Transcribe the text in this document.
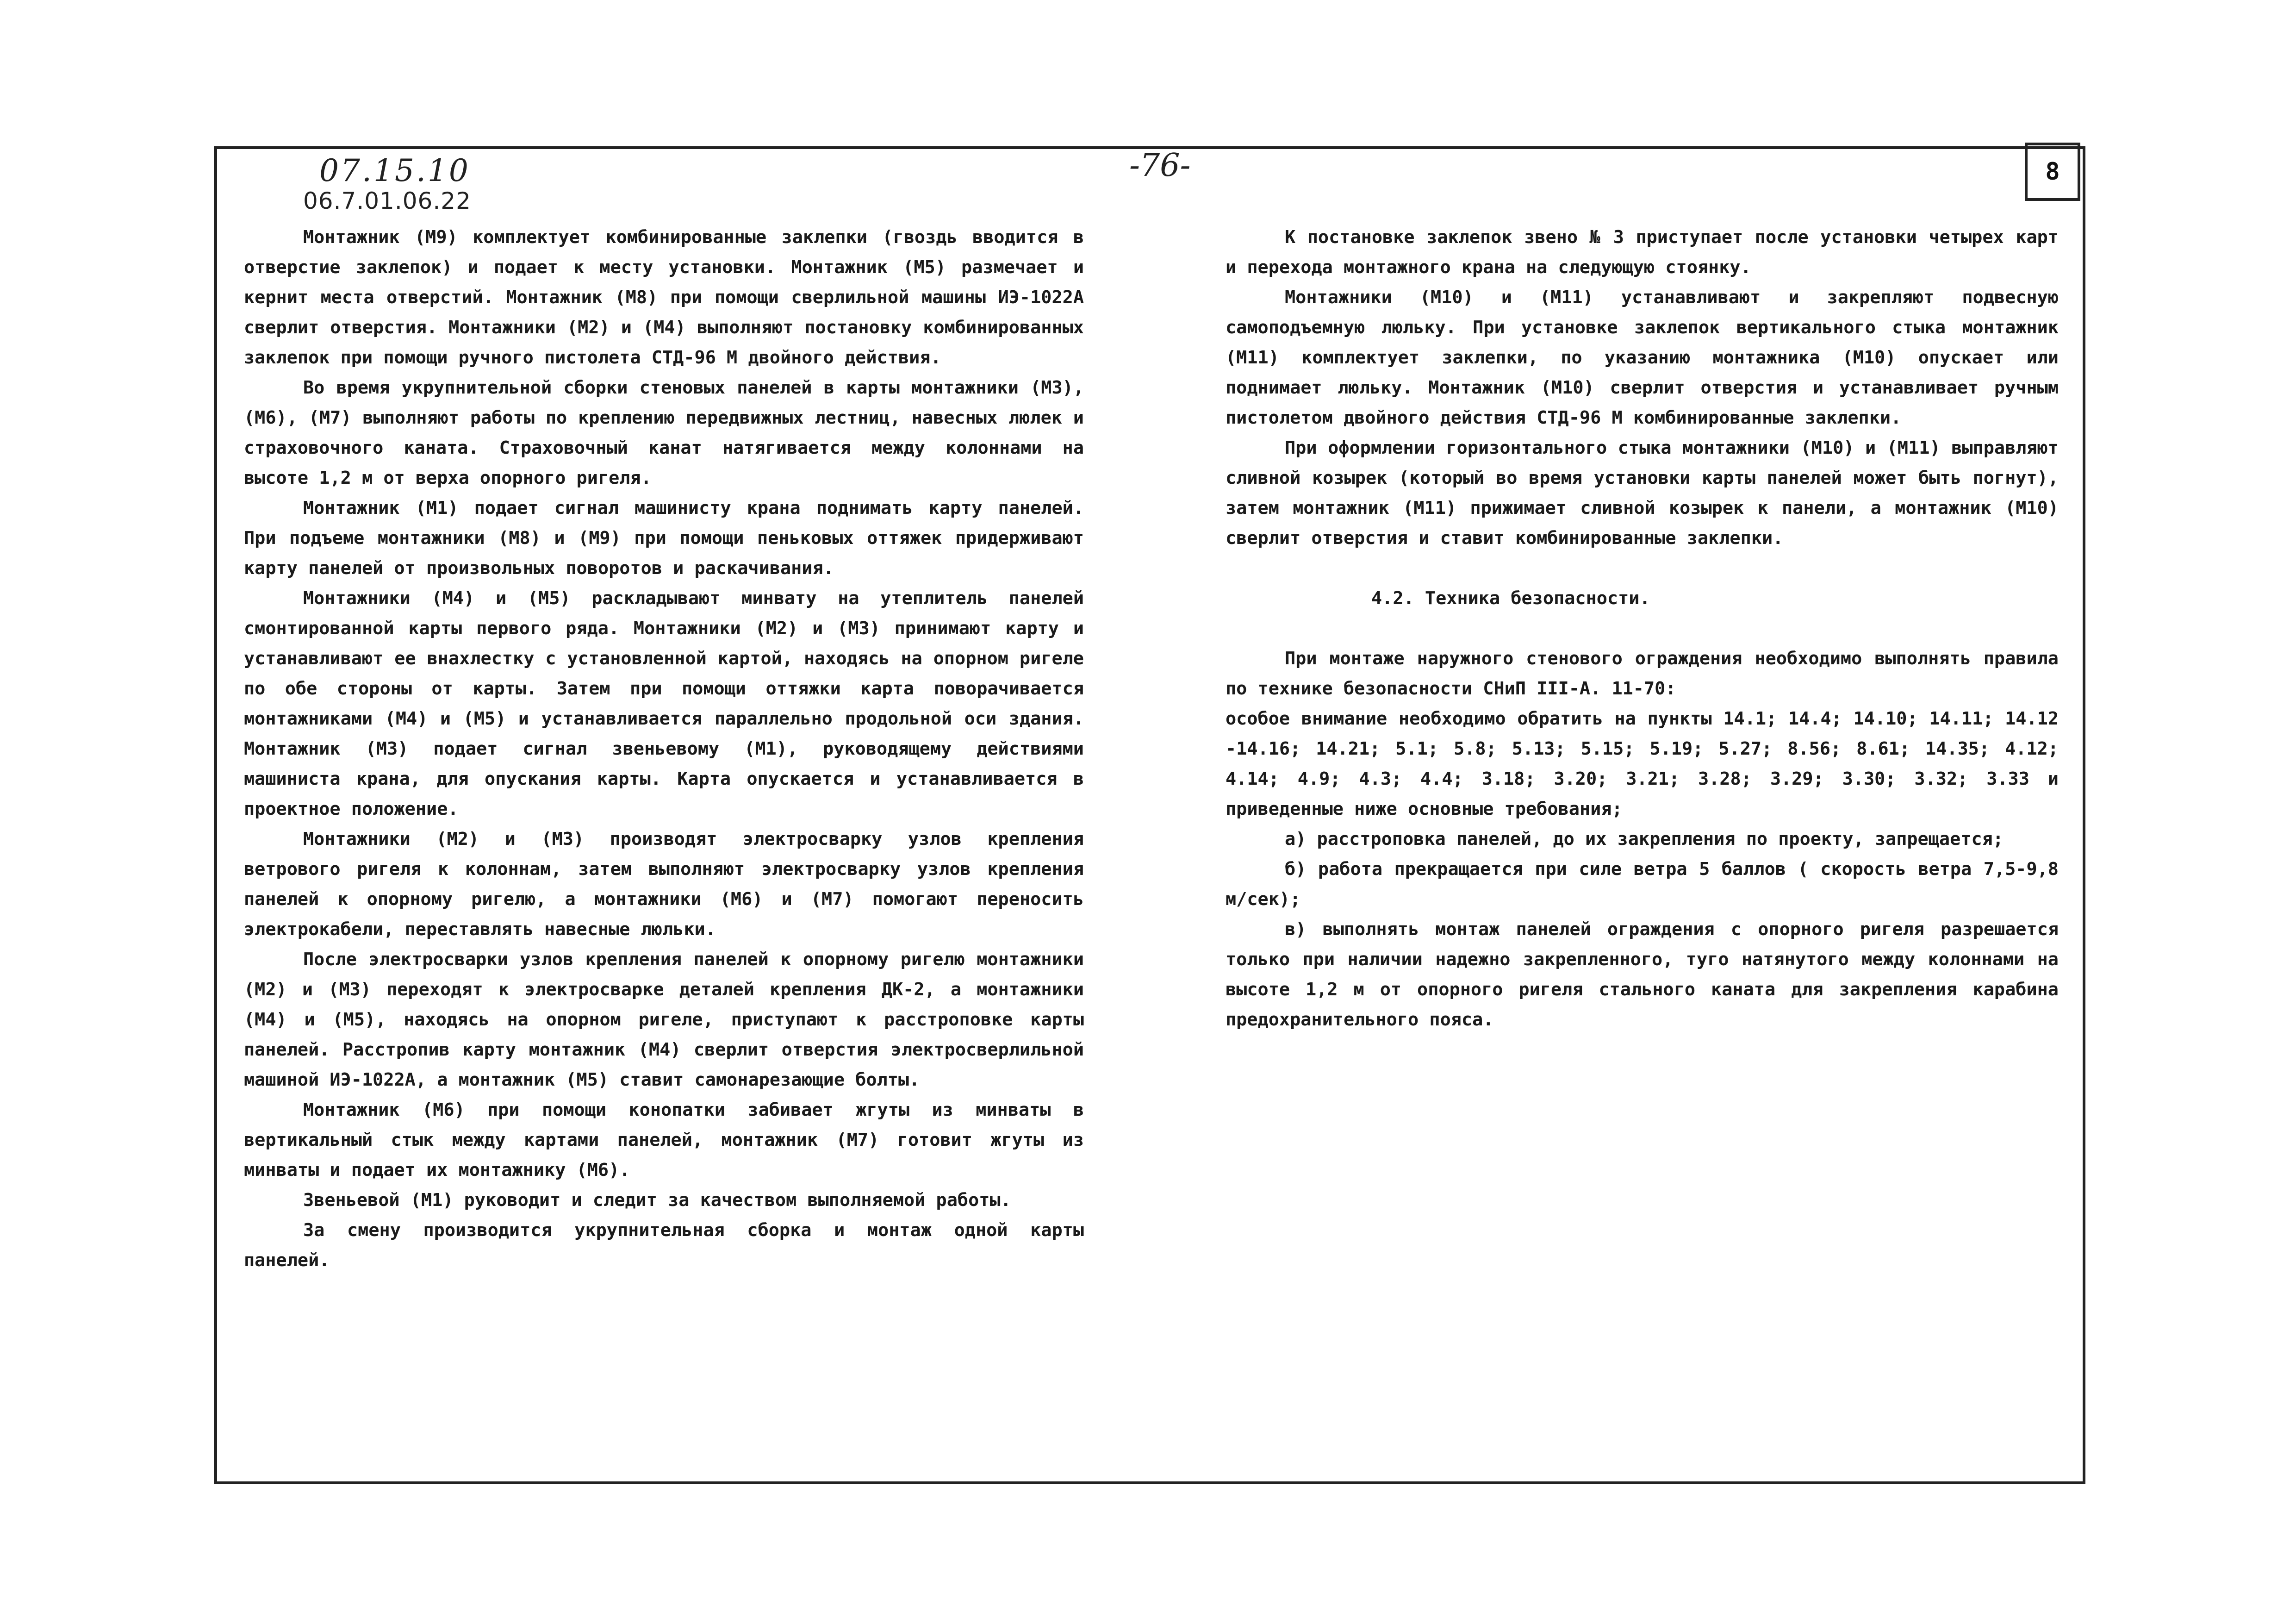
8
07.15.10
06.7.01.06.22
-76-

Монтажник (М9) комплектует комбинированные заклепки (гвоздь вводится в отверстие заклепок) и подает к месту установки. Монтажник (М5) размечает и кернит места отверстий. Монтажник (М8) при помощи сверлильной машины ИЭ-1022А сверлит отверстия. Монтажники (М2) и (М4) выполняют постановку комбинированных заклепок при помощи ручного пистолета СТД-96 М двойного действия.

Во время укрупнительной сборки стеновых панелей в карты монтажники (М3), (М6), (М7) выполняют работы по креплению передвижных лестниц, навесных люлек и страховочного каната. Страховочный канат натягивается между колоннами на высоте 1,2 м от верха опорного ригеля.

Монтажник (М1) подает сигнал машинисту крана поднимать карту панелей. При подъеме монтажники (М8) и (М9) при помощи пеньковых оттяжек придерживают карту панелей от произвольных поворотов и раскачивания.

Монтажники (М4) и (М5) раскладывают минвату на утеплитель панелей смонтированной карты первого ряда. Монтажники (М2) и (М3) принимают карту и устанавливают ее внахлестку с установленной картой, находясь на опорном ригеле по обе стороны от карты. Затем при помощи оттяжки карта поворачивается монтажниками (М4) и (М5) и устанавливается параллельно продольной оси здания. Монтажник (М3) подает сигнал звеньевому (М1), руководящему действиями машиниста крана, для опускания карты. Карта опускается и устанавливается в проектное положение.

Монтажники (М2) и (М3) производят электросварку узлов крепления ветрового ригеля к колоннам, затем выполняют электросварку узлов крепления панелей к опорному ригелю, а монтажники (М6) и (М7) помогают переносить электрокабели, переставлять навесные люльки.

После электросварки узлов крепления панелей к опорному ригелю монтажники (М2) и (М3) переходят к электросварке деталей крепления ДК-2, а монтажники (М4) и (М5), находясь на опорном ригеле, приступают к расстроповке карты панелей. Расстропив карту монтажник (М4) сверлит отверстия электросверлильной машиной ИЭ-1022А, а монтажник (М5) ставит самонарезающие болты.

Монтажник (М6) при помощи конопатки забивает жгуты из минваты в вертикальный стык между картами панелей, монтажник (М7) готовит жгуты из минваты и подает их монтажнику (М6).

Звеньевой (М1) руководит и следит за качеством выполняемой работы.

За смену производится укрупнительная сборка и монтаж одной карты панелей.

К постановке заклепок звено № 3 приступает после установки четырех карт и перехода монтажного крана на следующую стоянку.

Монтажники (М10) и (М11) устанавливают и закрепляют подвесную самоподъемную люльку. При установке заклепок вертикального стыка монтажник (М11) комплектует заклепки, по указанию монтажника (М10) опускает или поднимает люльку. Монтажник (М10) сверлит отверстия и устанавливает ручным пистолетом двойного действия СТД-96 М комбинированные заклепки.

При оформлении горизонтального стыка монтажники (М10) и (М11) выправляют сливной козырек (который во время установки карты панелей может быть погнут), затем монтажник (М11) прижимает сливной козырек к панели, а монтажник (М10) сверлит отверстия и ставит комбинированные заклепки.

4.2. Техника безопасности.

При монтаже наружного стенового ограждения необходимо выполнять правила по технике безопасности СНиП III-А. 11-70:

особое внимание необходимо обратить на пункты 14.1; 14.4; 14.10; 14.11; 14.12 -14.16; 14.21; 5.1; 5.8; 5.13; 5.15; 5.19; 5.27; 8.56; 8.61; 14.35; 4.12; 4.14; 4.9; 4.3; 4.4; 3.18; 3.20; 3.21; 3.28; 3.29; 3.30; 3.32; 3.33 и приведенные ниже основные требования;

а) расстроповка панелей, до их закрепления по проекту, запрещается;

б) работа прекращается при силе ветра 5 баллов ( скорость ветра 7,5-9,8 м/сек);

в) выполнять монтаж панелей ограждения с опорного ригеля разрешается только при наличии надежно закрепленного, туго натянутого между колоннами на высоте 1,2 м от опорного ригеля стального каната для закрепления карабина предохранительного пояса.
